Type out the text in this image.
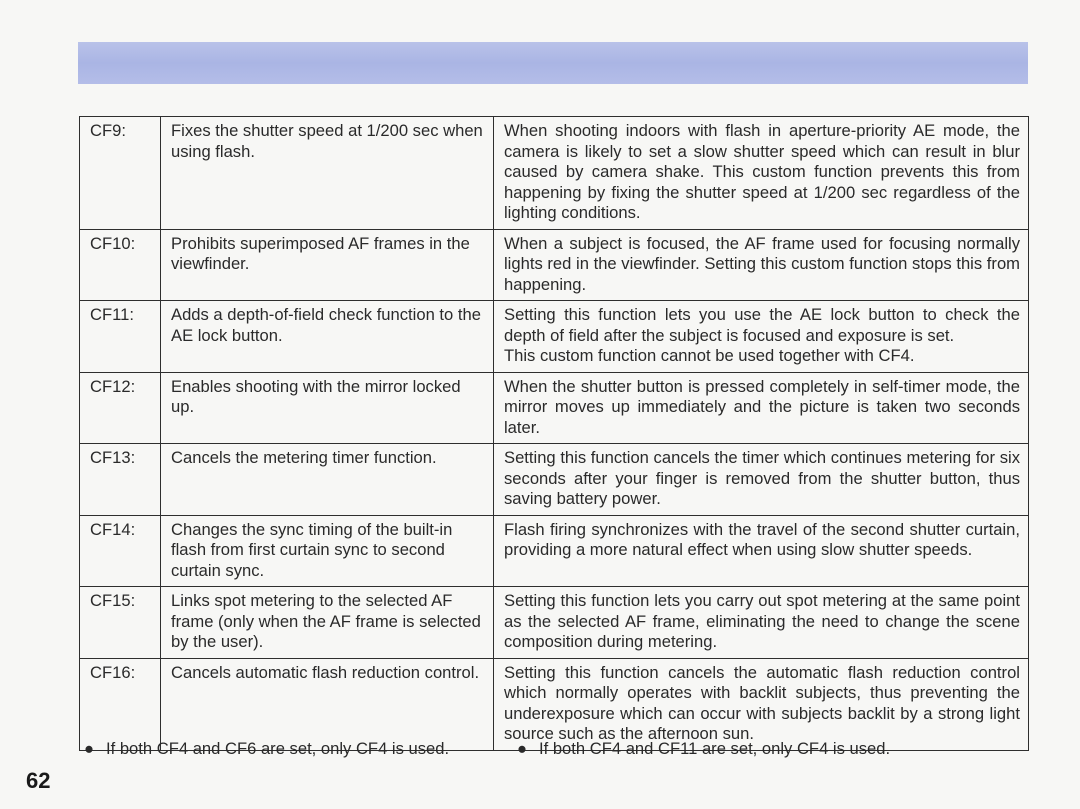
CF9:	Fixes the shutter speed at 1/200 sec when using flash.	When shooting indoors with flash in aperture-priority AE mode, the camera is likely to set a slow shutter speed which can result in blur caused by camera shake. This custom function prevents this from happening by fixing the shutter speed at 1/200 sec regardless of the lighting conditions.

CF10:	Prohibits superimposed AF frames in the viewfinder.	When a subject is focused, the AF frame used for focusing normally lights red in the viewfinder. Setting this custom function stops this from happening.

CF11:	Adds a depth-of-field check function to the AE lock button.	Setting this function lets you use the AE lock button to check the depth of field after the subject is focused and exposure is set.

This custom function cannot be used together with CF4.

CF12:	Enables shooting with the mirror locked up.	When the shutter button is pressed completely in self-timer mode, the mirror moves up immediately and the picture is taken two seconds later.

CF13:	Cancels the metering timer function.	Setting this function cancels the timer which continues metering for six seconds after your finger is removed from the shutter button, thus saving battery power.

CF14:	Changes the sync timing of the built-in flash from first curtain sync to second curtain sync.	Flash firing synchronizes with the travel of the second shutter curtain, providing a more natural effect when using slow shutter speeds.

CF15:	Links spot metering to the selected AF frame (only when the AF frame is selected by the user).	Setting this function lets you carry out spot metering at the same point as the selected AF frame, eliminating the need to change the scene composition during metering.

CF16:	Cancels automatic flash reduction control.	Setting this function cancels the automatic flash reduction control which normally operates with backlit subjects, thus preventing the underexposure which can occur with subjects backlit by a strong light source such as the afternoon sun.

● If both CF4 and CF6 are set, only CF4 is used.	● If both CF4 and CF11 are set, only CF4 is used.
62
